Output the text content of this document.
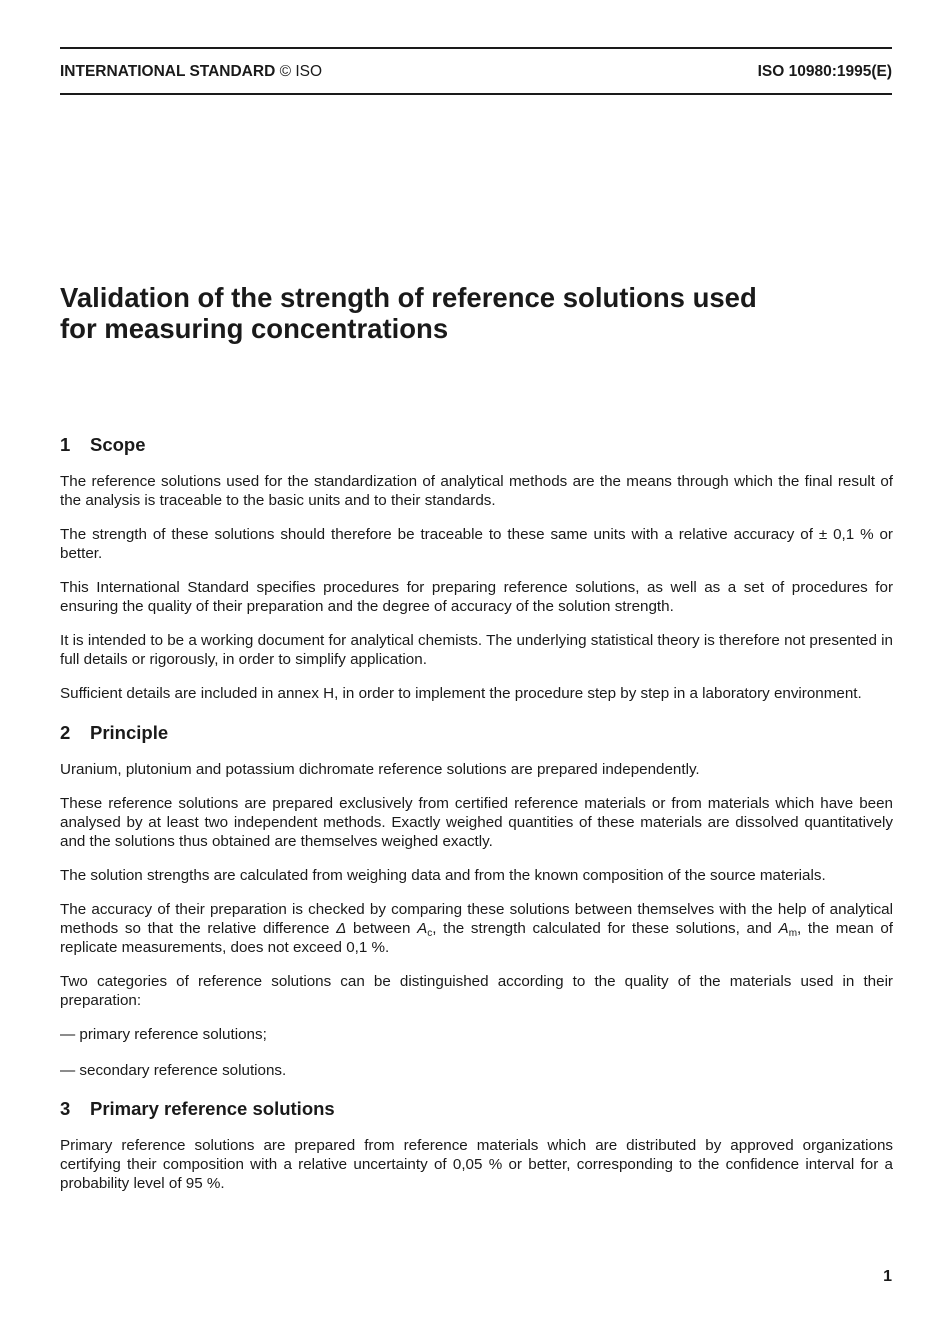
INTERNATIONAL STANDARD © ISO	ISO 10980:1995(E)
Validation of the strength of reference solutions used
for measuring concentrations
1 Scope

The reference solutions used for the standardization of analytical methods are the means through which the final result of the analysis is traceable to the basic units and to their standards.

The strength of these solutions should therefore be traceable to these same units with a relative accuracy of ± 0,1 % or better.

This International Standard specifies procedures for preparing reference solutions, as well as a set of procedures for ensuring the quality of their preparation and the degree of accuracy of the solution strength.

It is intended to be a working document for analytical chemists. The underlying statistical theory is therefore not presented in full details or rigorously, in order to simplify application.

Sufficient details are included in annex H, in order to implement the procedure step by step in a laboratory environment.

2 Principle

Uranium, plutonium and potassium dichromate reference solutions are prepared independently.

These reference solutions are prepared exclusively from certified reference materials or from materials which have been analysed by at least two independent methods. Exactly weighed quantities of these materials are dissolved quantitatively and the solutions thus obtained are themselves weighed exactly.

The solution strengths are calculated from weighing data and from the known composition of the source materials.

The accuracy of their preparation is checked by comparing these solutions between themselves with the help of analytical methods so that the relative difference Δ between $A_c$, the strength calculated for these solutions, and $A_m$, the mean of replicate measurements, does not exceed 0,1 %.

Two categories of reference solutions can be distinguished according to the quality of the materials used in their preparation:

— primary reference solutions;

— secondary reference solutions.

3 Primary reference solutions

Primary reference solutions are prepared from reference materials which are distributed by approved organizations certifying their composition with a relative uncertainty of 0,05 % or better, corresponding to the confidence interval for a probability level of 95 %.

1
